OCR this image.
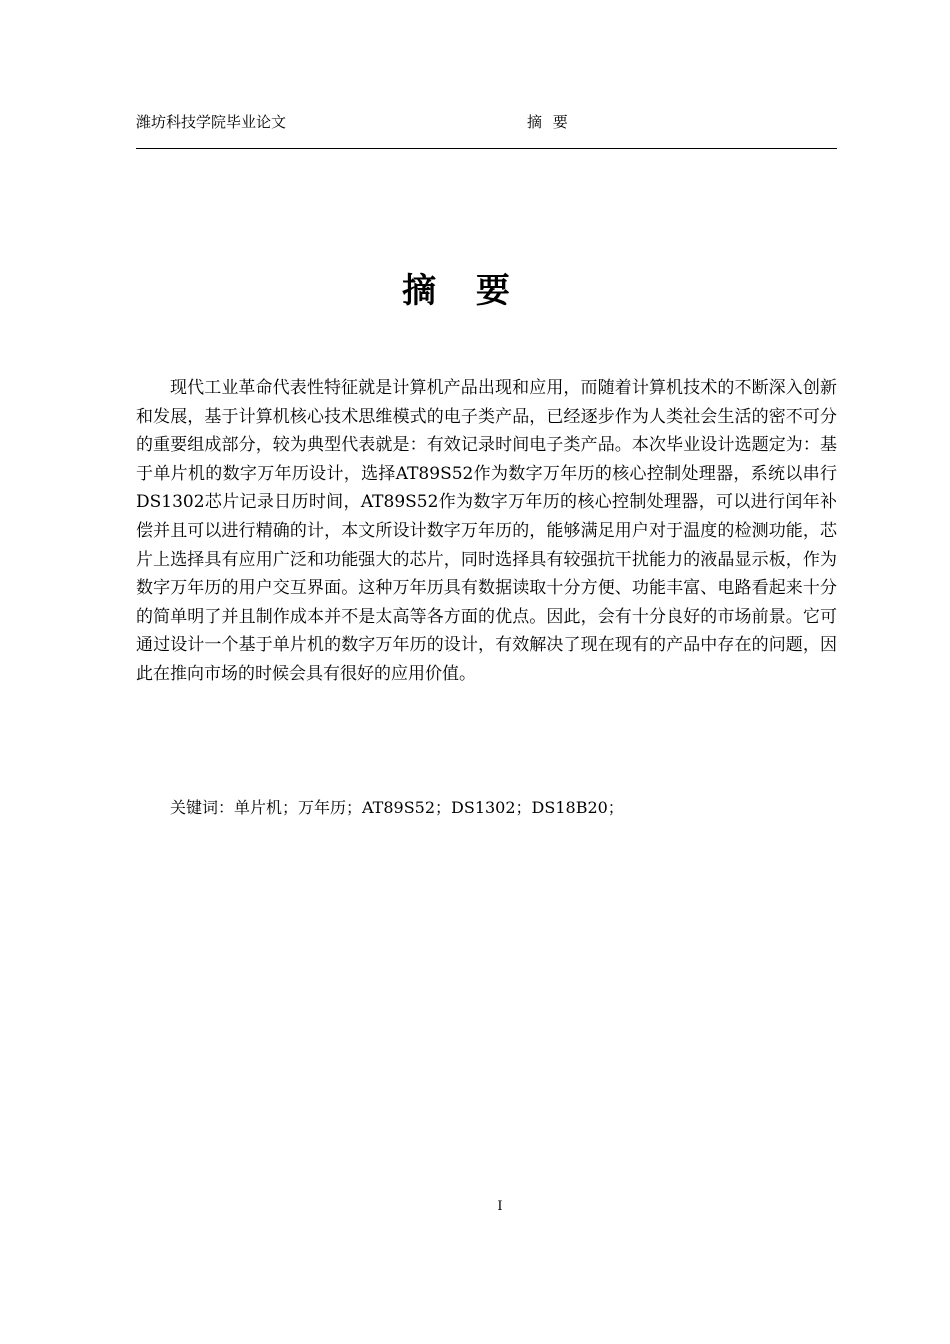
潍坊科技学院毕业论文	摘 要
摘 要

现代工业革命代表性特征就是计算机产品出现和应用，而随着计算机技术的不断深入创新和发展，基于计算机核心技术思维模式的电子类产品，已经逐步作为人类社会生活的密不可分的重要组成部分，较为典型代表就是：有效记录时间电子类产品。本次毕业设计选题定为：基于单片机的数字万年历设计，选择AT89S52作为数字万年历的核心控制处理器，系统以串行DS1302芯片记录日历时间，AT89S52作为数字万年历的核心控制处理器，可以进行闰年补偿并且可以进行精确的计，本文所设计数字万年历的，能够满足用户对于温度的检测功能，芯片上选择具有应用广泛和功能强大的芯片，同时选择具有较强抗干扰能力的液晶显示板，作为数字万年历的用户交互界面。这种万年历具有数据读取十分方便、功能丰富、电路看起来十分的简单明了并且制作成本并不是太高等各方面的优点。因此，会有十分良好的市场前景。它可通过设计一个基于单片机的数字万年历的设计，有效解决了现在现有的产品中存在的问题，因此在推向市场的时候会具有很好的应用价值。

关键词：单片机；万年历；AT89S52；DS1302；DS18B20；

I
